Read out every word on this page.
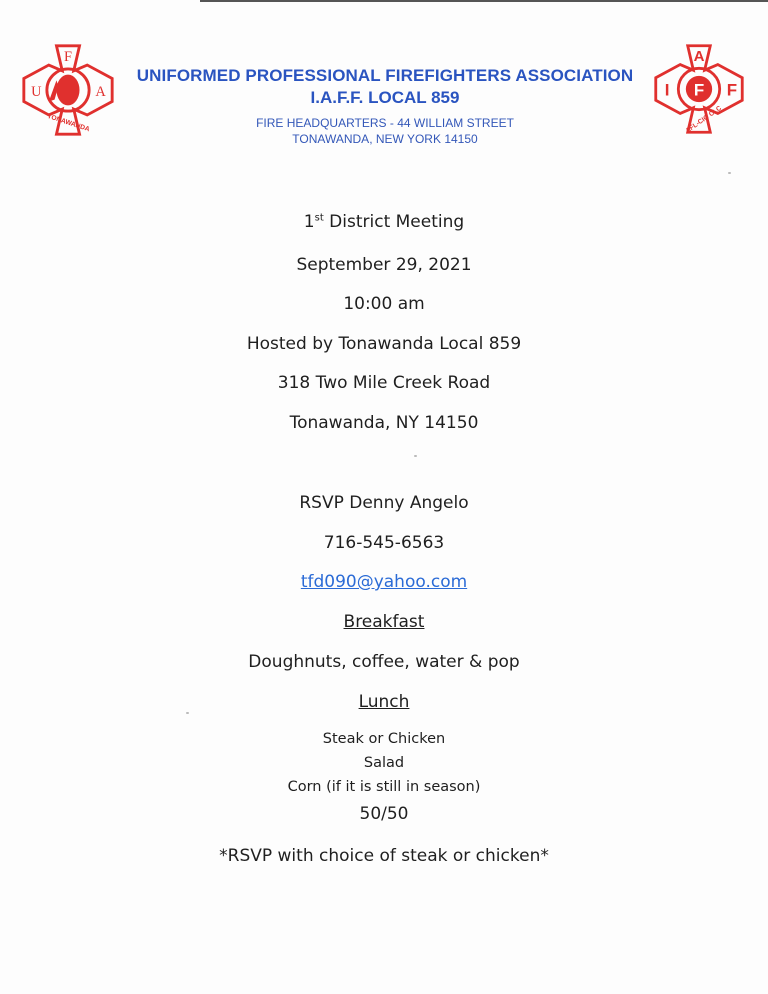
F
U	A
TONAWANDA
A
I F F
AFL-CIO CLC
UNIFORMED PROFESSIONAL FIREFIGHTERS ASSOCIATION
I.A.F.F. LOCAL 859
FIRE HEADQUARTERS - 44 WILLIAM STREET
TONAWANDA, NEW YORK 14150
1st District Meeting
September 29, 2021
10:00 am
Hosted by Tonawanda Local 859
318 Two Mile Creek Road
Tonawanda, NY 14150
RSVP Denny Angelo
716-545-6563
tfd090@yahoo.com
Breakfast
Doughnuts, coffee, water & pop
Lunch
Steak or Chicken
Salad
Corn (if it is still in season)
50/50
*RSVP with choice of steak or chicken*
